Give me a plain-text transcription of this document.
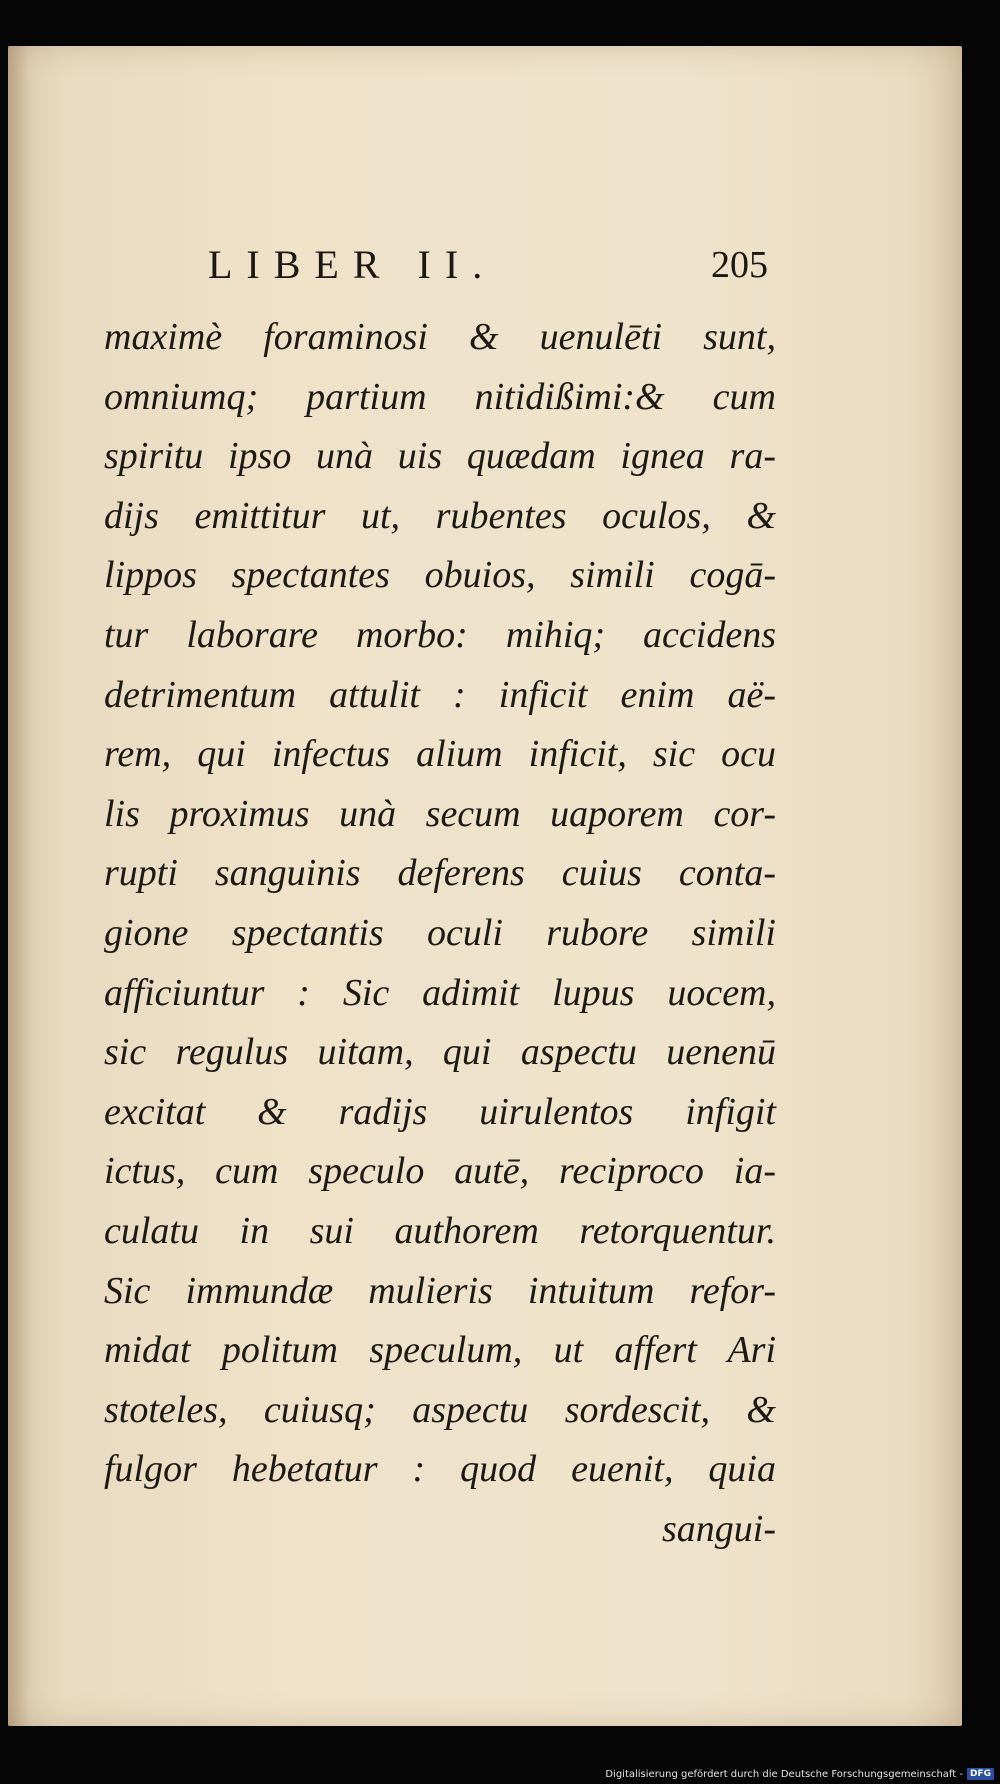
LIBER II.	205
maximè foraminosi & uenulēti sunt,
omniumq; partium nitidißimi:& cum
spiritu ipso unà uis quædam ignea ra-
dijs emittitur ut, rubentes oculos, &
lippos spectantes obuios, simili cogā-
tur laborare morbo: mihiq; accidens
detrimentum attulit : inficit enim aë-
rem, qui infectus alium inficit, sic ocu
lis proximus unà secum uaporem cor-
rupti sanguinis deferens cuius conta-
gione spectantis oculi rubore simili
afficiuntur : Sic adimit lupus uocem,
sic regulus uitam, qui aspectu uenenū
excitat & radijs uirulentos infigit
ictus, cum speculo autē, reciproco ia-
culatu in sui authorem retorquentur.
Sic immundæ mulieris intuitum refor-
midat politum speculum, ut affert Ari
stoteles, cuiusq; aspectu sordescit, &
fulgor hebetatur : quod euenit, quia
sangui-
Digitalisierung gefördert durch die Deutsche Forschungsgemeinschaft - DFG
